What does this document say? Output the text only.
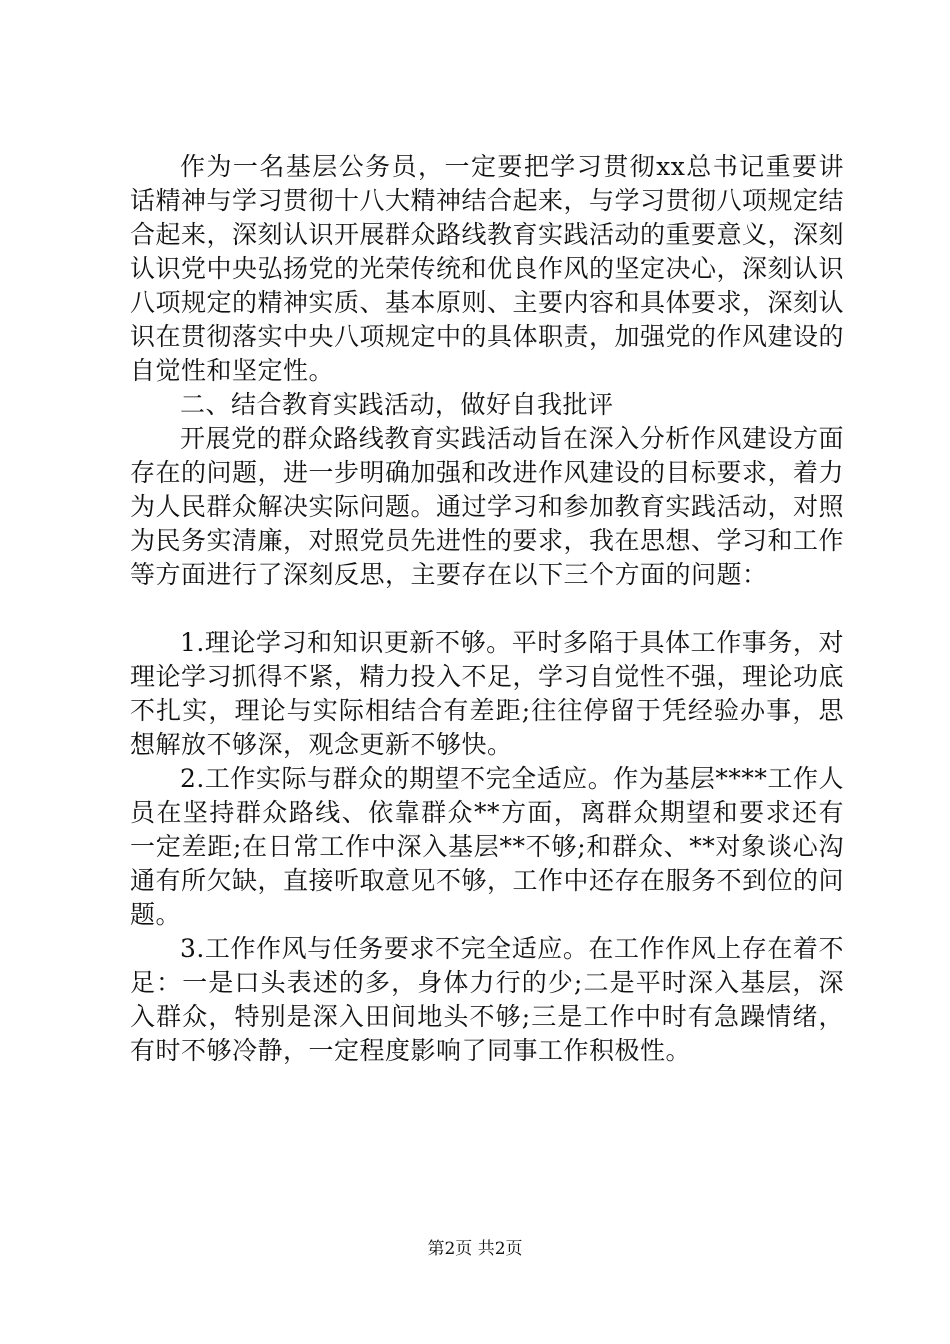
作为一名基层公务员，一定要把学习贯彻xx总书记重要讲话精神与学习贯彻十八大精神结合起来，与学习贯彻八项规定结合起来，深刻认识开展群众路线教育实践活动的重要意义，深刻认识党中央弘扬党的光荣传统和优良作风的坚定决心，深刻认识八项规定的精神实质、基本原则、主要内容和具体要求，深刻认识在贯彻落实中央八项规定中的具体职责，加强党的作风建设的自觉性和坚定性。

二、结合教育实践活动，做好自我批评

开展党的群众路线教育实践活动旨在深入分析作风建设方面存在的问题，进一步明确加强和改进作风建设的目标要求，着力为人民群众解决实际问题。通过学习和参加教育实践活动，对照为民务实清廉，对照党员先进性的要求，我在思想、学习和工作等方面进行了深刻反思，主要存在以下三个方面的问题：

1.理论学习和知识更新不够。平时多陷于具体工作事务，对理论学习抓得不紧，精力投入不足，学习自觉性不强，理论功底不扎实，理论与实际相结合有差距;往往停留于凭经验办事，思想解放不够深，观念更新不够快。

2.工作实际与群众的期望不完全适应。作为基层****工作人员在坚持群众路线、依靠群众**方面，离群众期望和要求还有一定差距;在日常工作中深入基层**不够;和群众、**对象谈心沟通有所欠缺，直接听取意见不够，工作中还存在服务不到位的问题。

3.工作作风与任务要求不完全适应。在工作作风上存在着不足：一是口头表述的多，身体力行的少;二是平时深入基层，深入群众，特别是深入田间地头不够;三是工作中时有急躁情绪，有时不够冷静，一定程度影响了同事工作积极性。

第2页 共2页
